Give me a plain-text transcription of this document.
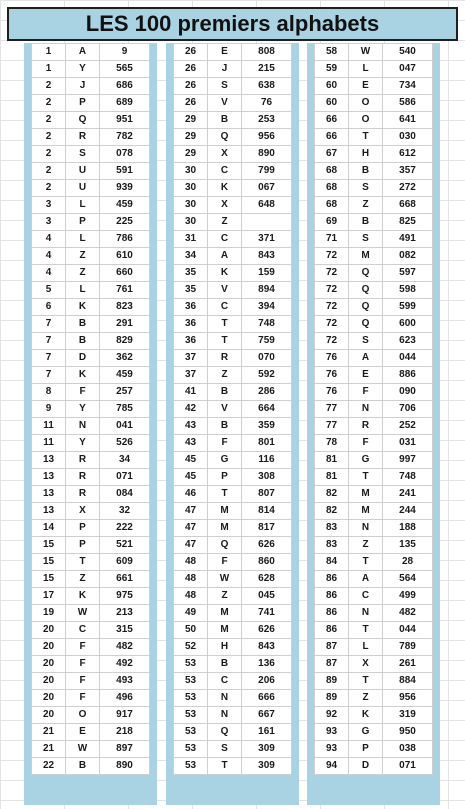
LES 100 premiers alphabets
1	A	9
1	Y	565
2	J	686
2	P	689
2	Q	951
2	R	782
2	S	078
2	U	591
2	U	939
3	L	459
3	P	225
4	L	786
4	Z	610
4	Z	660
5	L	761
6	K	823
7	B	291
7	B	829
7	D	362
7	K	459
8	F	257
9	Y	785
11	N	041
11	Y	526
13	R	34
13	R	071
13	R	084
13	X	32
14	P	222
15	P	521
15	T	609
15	Z	661
17	K	975
19	W	213
20	C	315
20	F	482
20	F	492
20	F	493
20	F	496
20	O	917
21	E	218
21	W	897
22	B	890
26	E	808
26	J	215
26	S	638
26	V	76
29	B	253
29	Q	956
29	X	890
30	C	799
30	K	067
30	X	648
30	Z	
31	C	371
34	A	843
35	K	159
35	V	894
36	C	394
36	T	748
36	T	759
37	R	070
37	Z	592
41	B	286
42	V	664
43	B	359
43	F	801
45	G	116
45	P	308
46	T	807
47	M	814
47	M	817
47	Q	626
48	F	860
48	W	628
48	Z	045
49	M	741
50	M	626
52	H	843
53	B	136
53	C	206
53	N	666
53	N	667
53	Q	161
53	S	309
53	T	309
58	W	540
59	L	047
60	E	734
60	O	586
66	O	641
66	T	030
67	H	612
68	B	357
68	S	272
68	Z	668
69	B	825
71	S	491
72	M	082
72	Q	597
72	Q	598
72	Q	599
72	Q	600
72	S	623
76	A	044
76	E	886
76	F	090
77	N	706
77	R	252
78	F	031
81	G	997
81	T	748
82	M	241
82	M	244
83	N	188
83	Z	135
84	T	28
86	A	564
86	C	499
86	N	482
86	T	044
87	L	789
87	X	261
89	T	884
89	Z	956
92	K	319
93	G	950
93	P	038
94	D	071
